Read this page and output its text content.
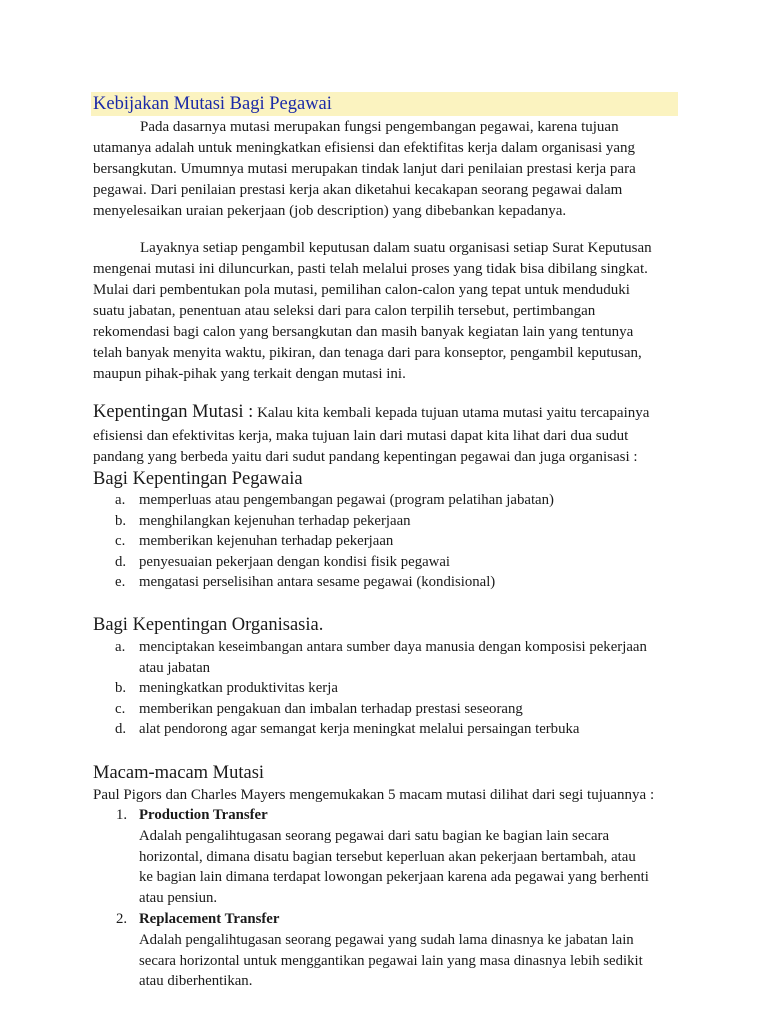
Kebijakan Mutasi Bagi Pegawai
Pada dasarnya mutasi merupakan fungsi pengembangan pegawai, karena tujuan
utamanya adalah untuk meningkatkan efisiensi dan efektifitas kerja dalam organisasi yang
bersangkutan. Umumnya mutasi merupakan tindak lanjut dari penilaian prestasi kerja para
pegawai. Dari penilaian prestasi kerja akan diketahui kecakapan seorang pegawai dalam
menyelesaikan uraian pekerjaan (job description) yang dibebankan kepadanya.
Layaknya setiap pengambil keputusan dalam suatu organisasi setiap Surat Keputusan
mengenai mutasi ini diluncurkan, pasti telah melalui proses yang tidak bisa dibilang singkat.
Mulai dari pembentukan pola mutasi, pemilihan calon-calon yang tepat untuk menduduki
suatu jabatan, penentuan atau seleksi dari para calon terpilih tersebut, pertimbangan
rekomendasi bagi calon yang bersangkutan dan masih banyak kegiatan lain yang tentunya
telah banyak menyita waktu, pikiran, dan tenaga dari para konseptor, pengambil keputusan,
maupun pihak-pihak yang terkait dengan mutasi ini.
Kepentingan Mutasi : Kalau kita kembali kepada tujuan utama mutasi yaitu tercapainya
efisiensi dan efektivitas kerja, maka tujuan lain dari mutasi dapat kita lihat dari dua sudut
pandang yang berbeda yaitu dari sudut pandang kepentingan pegawai dan juga organisasi :
Bagi Kepentingan Pegawaia
a. memperluas atau pengembangan pegawai (program pelatihan jabatan)
b. menghilangkan kejenuhan terhadap pekerjaan
c. memberikan kejenuhan terhadap pekerjaan
d. penyesuaian pekerjaan dengan kondisi fisik pegawai
e. mengatasi perselisihan antara sesame pegawai (kondisional)
Bagi Kepentingan Organisasia.
a. menciptakan keseimbangan antara sumber daya manusia dengan komposisi pekerjaan
atau jabatan
b. meningkatkan produktivitas kerja
c. memberikan pengakuan dan imbalan terhadap prestasi seseorang
d. alat pendorong agar semangat kerja meningkat melalui persaingan terbuka
Macam-macam Mutasi
Paul Pigors dan Charles Mayers mengemukakan 5 macam mutasi dilihat dari segi tujuannya :
1. Production Transfer
Adalah pengalihtugasan seorang pegawai dari satu bagian ke bagian lain secara
horizontal, dimana disatu bagian tersebut keperluan akan pekerjaan bertambah, atau
ke bagian lain dimana terdapat lowongan pekerjaan karena ada pegawai yang berhenti
atau pensiun.
2. Replacement Transfer
Adalah pengalihtugasan seorang pegawai yang sudah lama dinasnya ke jabatan lain
secara horizontal untuk menggantikan pegawai lain yang masa dinasnya lebih sedikit
atau diberhentikan.
